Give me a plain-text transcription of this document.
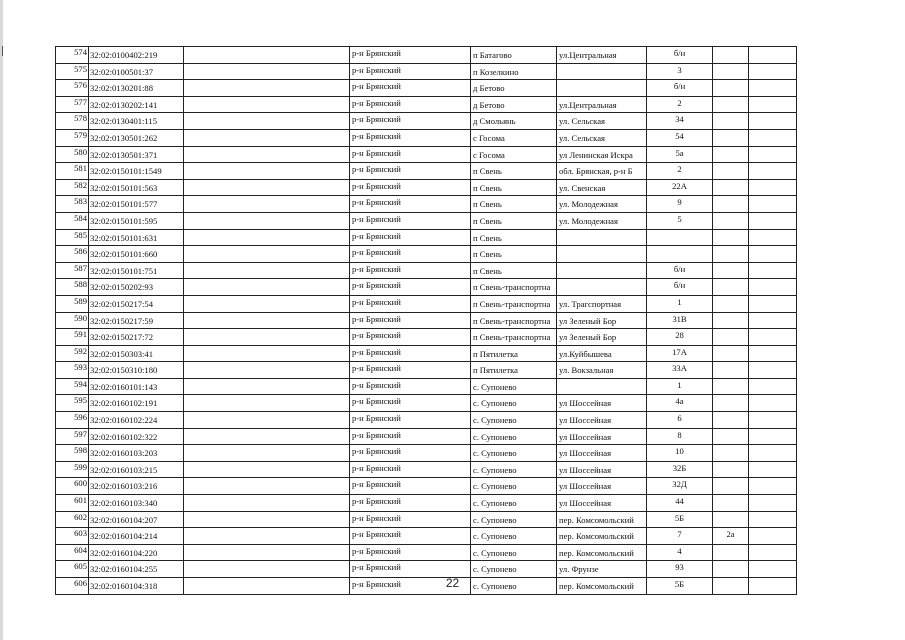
574	32:02:0100402:219		р-н Брянский	п Батагово	ул.Центральная	б/н		
575	32:02:0100501:37		р-н Брянский	п Козелкино		3		
576	32:02:0130201:88		р-н Брянский	д Бетово		б/н		
577	32:02:0130202:141		р-н Брянский	д Бетово	ул.Центральная	2		
578	32:02:0130401:115		р-н Брянский	д Смольянь	ул. Сельская	34		
579	32:02:0130501:262		р-н Брянский	с Госома	ул. Сельская	54		
580	32:02:0130501:371		р-н Брянский	с Госома	ул Ленинская Искра	5а		
581	32:02:0150101:1549		р-н Брянский	п Свень	обл. Брянская, р-н Б	2		
582	32:02:0150101:563		р-н Брянский	п Свень	ул. Свенская	22А		
583	32:02:0150101:577		р-н Брянский	п Свень	ул. Молодежная	9		
584	32:02:0150101:595		р-н Брянский	п Свень	ул. Молодежная	5		
585	32:02:0150101:631		р-н Брянский	п Свень				
586	32:02:0150101:660		р-н Брянский	п Свень				
587	32:02:0150101:751		р-н Брянский	п Свень		б/н		
588	32:02:0150202:93		р-н Брянский	п Свень-транспортна		б/н		
589	32:02:0150217:54		р-н Брянский	п Свень-транспортна	ул. Трагспортная	1		
590	32:02:0150217:59		р-н Брянский	п Свень-транспортна	ул Зеленый Бор	31В		
591	32:02:0150217:72		р-н Брянский	п Свень-транспортна	ул Зеленый Бор	28		
592	32:02:0150303:41		р-н Брянский	п Пятилетка	ул.Куйбышева	17А		
593	32:02:0150310:180		р-н Брянский	п Пятилетка	ул. Вокзальная	33А		
594	32:02:0160101:143		р-н Брянский	с. Супонево		1		
595	32:02:0160102:191		р-н Брянский	с. Супонево	ул Шоссейная	4а		
596	32:02:0160102:224		р-н Брянский	с. Супонево	ул Шоссейная	6		
597	32:02:0160102:322		р-н Брянский	с. Супонево	ул Шоссейная	8		
598	32:02:0160103:203		р-н Брянский	с. Супонево	ул Шоссейная	10		
599	32:02:0160103:215		р-н Брянский	с. Супонево	ул Шоссейная	32Б		
600	32:02:0160103:216		р-н Брянский	с. Супонево	ул Шоссейная	32Д		
601	32:02:0160103:340		р-н Брянский	с. Супонево	ул Шоссейная	44		
602	32:02:0160104:207		р-н Брянский	с. Супонево	пер. Комсомольский	5Б		
603	32:02:0160104:214		р-н Брянский	с. Супонево	пер. Комсомольский	7	2а	
604	32:02:0160104:220		р-н Брянский	с. Супонево	пер. Комсомольский	4		
605	32:02:0160104:255		р-н Брянский	с. Супонево	ул. Фрунзе	93		
606	32:02:0160104:318		р-н Брянский	с. Супонево	пер. Комсомольский	5Б		
22
